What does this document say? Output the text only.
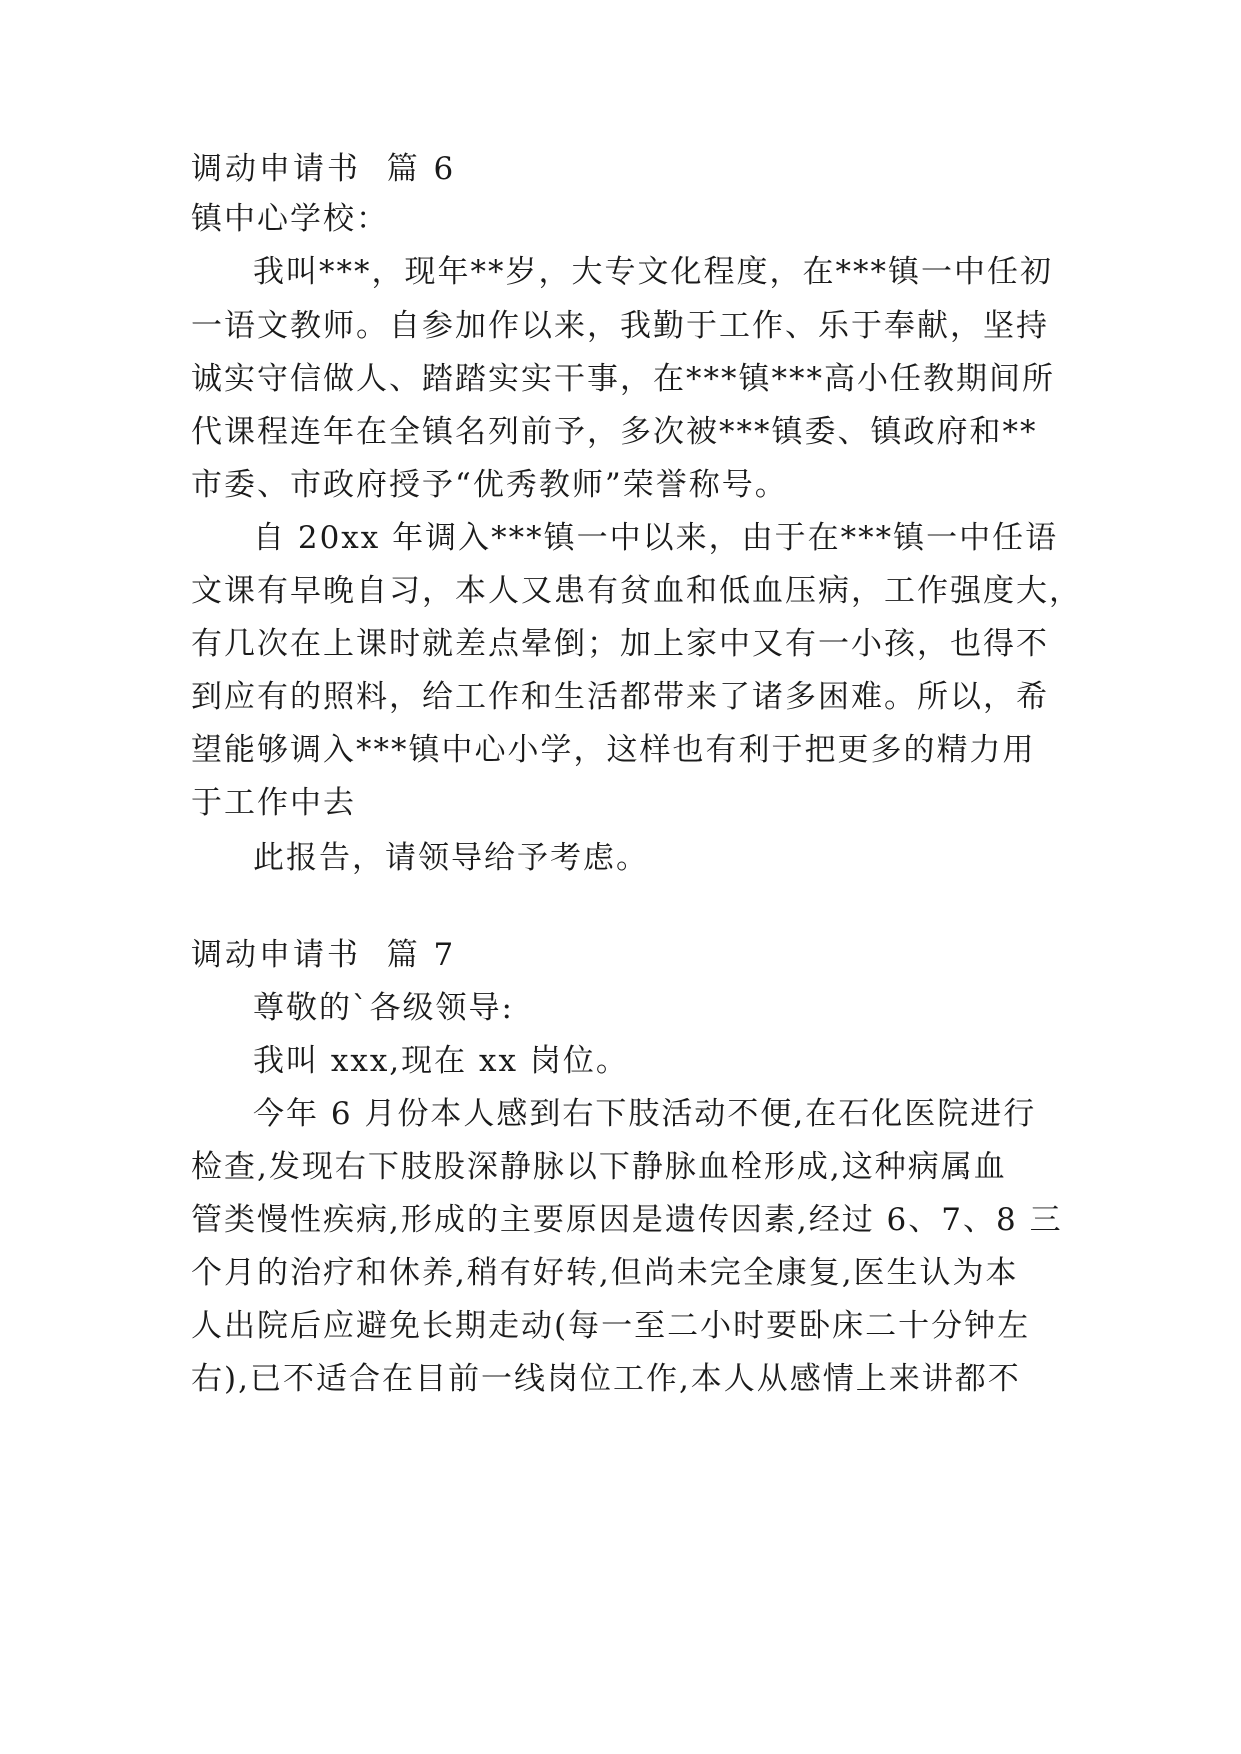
调动申请书  篇 6
镇中心学校：
我叫***，现年**岁，大专文化程度，在***镇一中任初
一语文教师。自参加作以来，我勤于工作、乐于奉献，坚持
诚实守信做人、踏踏实实干事，在***镇***高小任教期间所
代课程连年在全镇名列前予，多次被***镇委、镇政府和**
市委、市政府授予“优秀教师”荣誉称号。
自 20xx 年调入***镇一中以来，由于在***镇一中任语
文课有早晚自习，本人又患有贫血和低血压病，工作强度大，
有几次在上课时就差点晕倒；加上家中又有一小孩，也得不
到应有的照料，给工作和生活都带来了诸多困难。所以，希
望能够调入***镇中心小学，这样也有利于把更多的精力用
于工作中去
此报告，请领导给予考虑。
调动申请书  篇 7
尊敬的`各级领导:
我叫 xxx,现在 xx 岗位。
今年 6 月份本人感到右下肢活动不便,在石化医院进行
检查,发现右下肢股深静脉以下静脉血栓形成,这种病属血
管类慢性疾病,形成的主要原因是遗传因素,经过 6、7、8 三
个月的治疗和休养,稍有好转,但尚未完全康复,医生认为本
人出院后应避免长期走动(每一至二小时要卧床二十分钟左
右),已不适合在目前一线岗位工作,本人从感情上来讲都不
